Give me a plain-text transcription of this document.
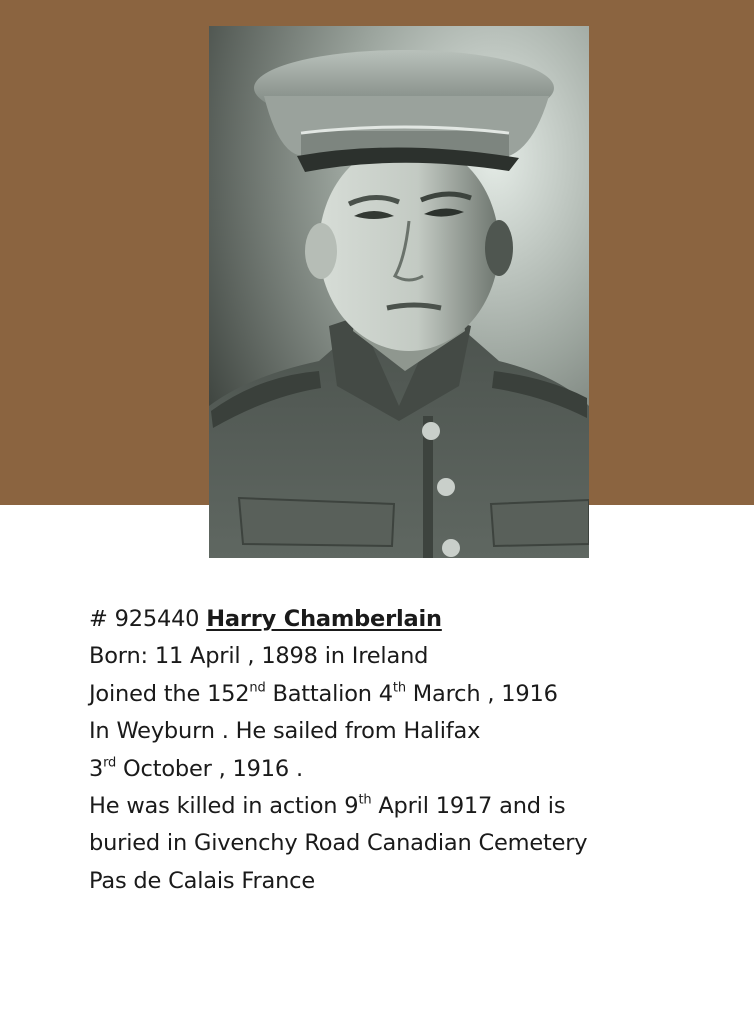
# 925440 Harry Chamberlain
Born: 11 April , 1898 in Ireland
Joined the 152nd Battalion 4th March , 1916
In Weyburn . He sailed from Halifax
3rd October , 1916 .
He was killed in action 9th April 1917 and is
buried in Givenchy Road Canadian Cemetery
Pas de Calais France
